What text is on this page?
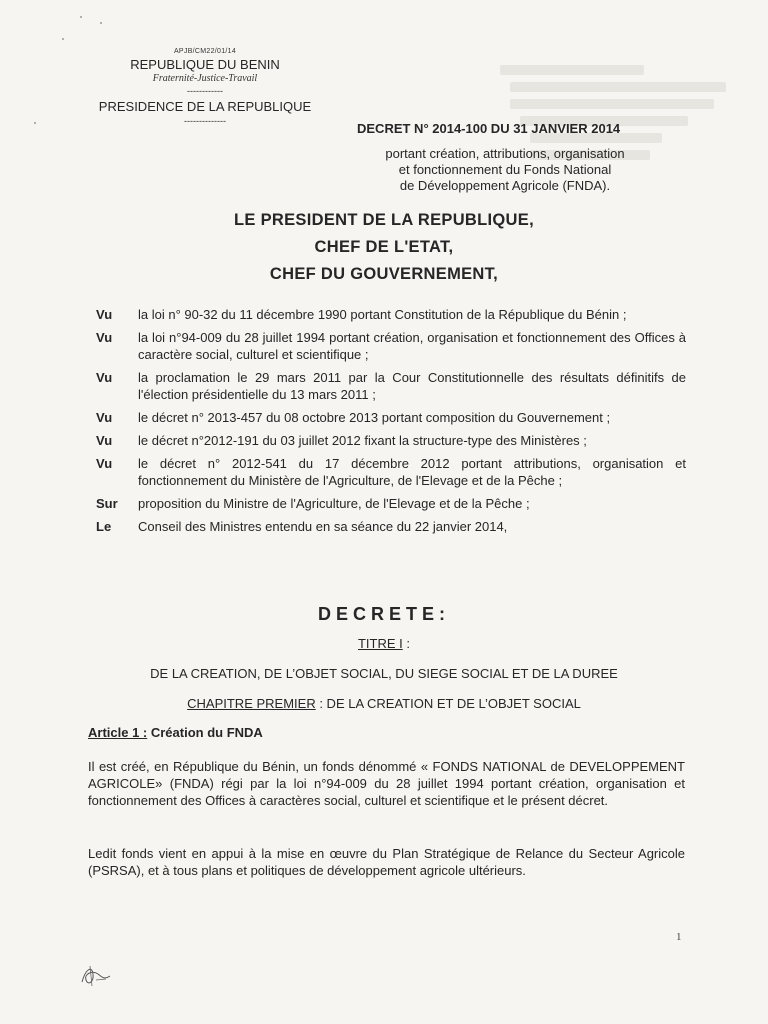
APJB/CM22/01/14
REPUBLIQUE DU BENIN
Fraternité-Justice-Travail
------------
PRESIDENCE DE LA REPUBLIQUE
--------------	DECRET N° 2014-100 DU 31 JANVIER 2014
portant création, attributions, organisation
et fonctionnement du Fonds National
de Développement Agricole (FNDA).
LE PRESIDENT DE LA REPUBLIQUE,
CHEF DE L'ETAT,
CHEF DU GOUVERNEMENT,
Vu	la loi n° 90-32 du 11 décembre 1990 portant Constitution de la République du Bénin ;
Vu	la loi n°94-009 du 28 juillet 1994 portant création, organisation et fonctionnement des Offices à caractère social, culturel et scientifique ;
Vu	la proclamation le 29 mars 2011 par la Cour Constitutionnelle des résultats définitifs de l'élection présidentielle du 13 mars 2011 ;
Vu	le décret n° 2013-457 du 08 octobre 2013 portant composition du Gouvernement ;
Vu	le décret n°2012-191 du 03 juillet 2012 fixant la structure-type des Ministères ;
Vu	le décret n° 2012-541 du 17 décembre 2012 portant attributions, organisation et fonctionnement du Ministère de l'Agriculture, de l'Elevage et de la Pêche ;
Sur	proposition du Ministre de l'Agriculture, de l'Elevage et de la Pêche ;
Le	Conseil des Ministres entendu en sa séance du 22 janvier 2014,
DECRETE:
TITRE I :
DE LA CREATION, DE L’OBJET SOCIAL, DU SIEGE SOCIAL ET DE LA DUREE
CHAPITRE PREMIER : DE LA CREATION ET DE L’OBJET SOCIAL
Article 1 : Création du FNDA
Il est créé, en République du Bénin, un fonds dénommé « FONDS NATIONAL de DEVELOPPEMENT AGRICOLE» (FNDA) régi par la loi n°94-009 du 28 juillet 1994 portant création, organisation et fonctionnement des Offices à caractères social, culturel et scientifique et le présent décret.
Ledit fonds vient en appui à la mise en œuvre du Plan Stratégique de Relance du Secteur Agricole (PSRSA), et à tous plans et politiques de développement agricole ultérieurs.
1
